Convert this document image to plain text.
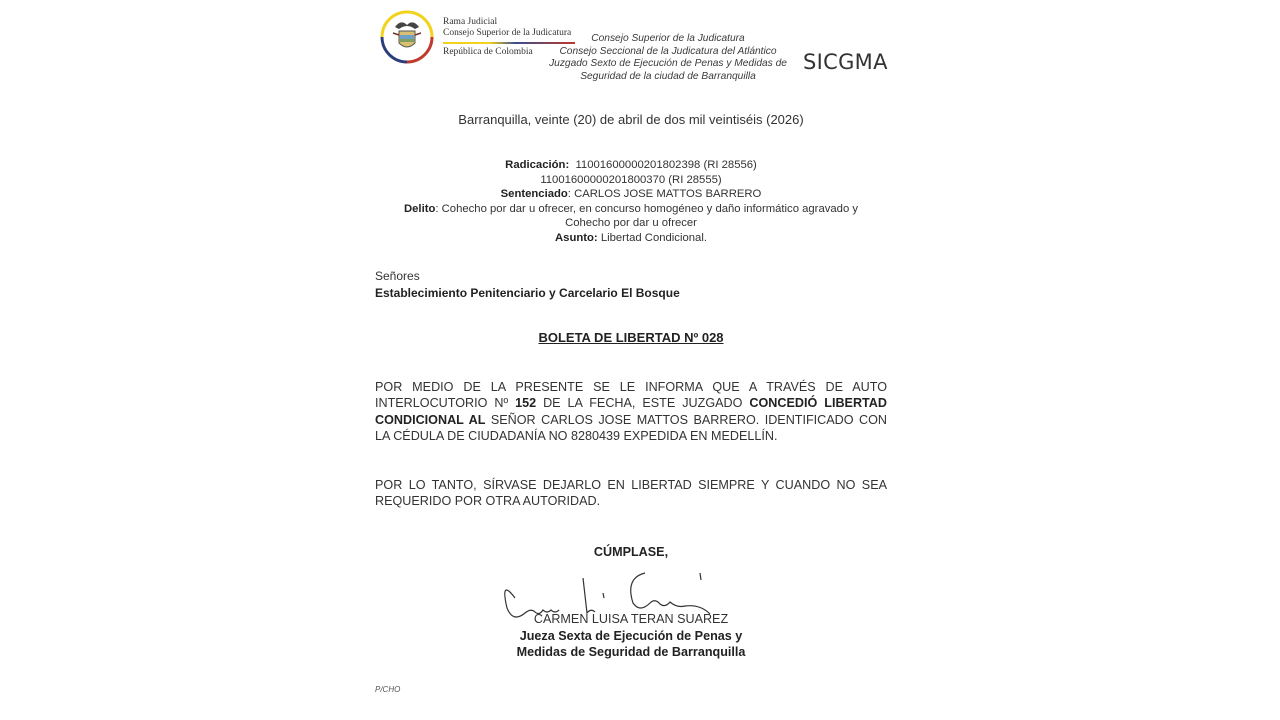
Rama Judicial
Consejo Superior de la Judicatura
República de Colombia
Consejo Superior de la Judicatura
Consejo Seccional de la Judicatura del Atlántico
Juzgado Sexto de Ejecución de Penas y Medidas de
Seguridad de la ciudad de Barranquilla
SICGMA
Barranquilla, veinte (20) de abril de dos mil veintiséis (2026)
Radicación: 11001600000201802398 (RI 28556)
11001600000201800370 (RI 28555)
Sentenciado: CARLOS JOSE MATTOS BARRERO
Delito: Cohecho por dar u ofrecer, en concurso homogéneo y daño informático agravado y
Cohecho por dar u ofrecer
Asunto: Libertad Condicional.
Señores
Establecimiento Penitenciario y Carcelario El Bosque
BOLETA DE LIBERTAD Nº 028
POR MEDIO DE LA PRESENTE SE LE INFORMA QUE A TRAVÉS DE AUTO INTERLOCUTORIO Nº 152 DE LA FECHA, ESTE JUZGADO CONCEDIÓ LIBERTAD CONDICIONAL AL SEÑOR CARLOS JOSE MATTOS BARRERO. IDENTIFICADO CON LA CÉDULA DE CIUDADANÍA NO 8280439 EXPEDIDA EN MEDELLÍN.
POR LO TANTO, SÍRVASE DEJARLO EN LIBERTAD SIEMPRE Y CUANDO NO SEA REQUERIDO POR OTRA AUTORIDAD.
CÚMPLASE,
CARMEN LUISA TERAN SUAREZ
Jueza Sexta de Ejecución de Penas y
Medidas de Seguridad de Barranquilla
P/CHO
